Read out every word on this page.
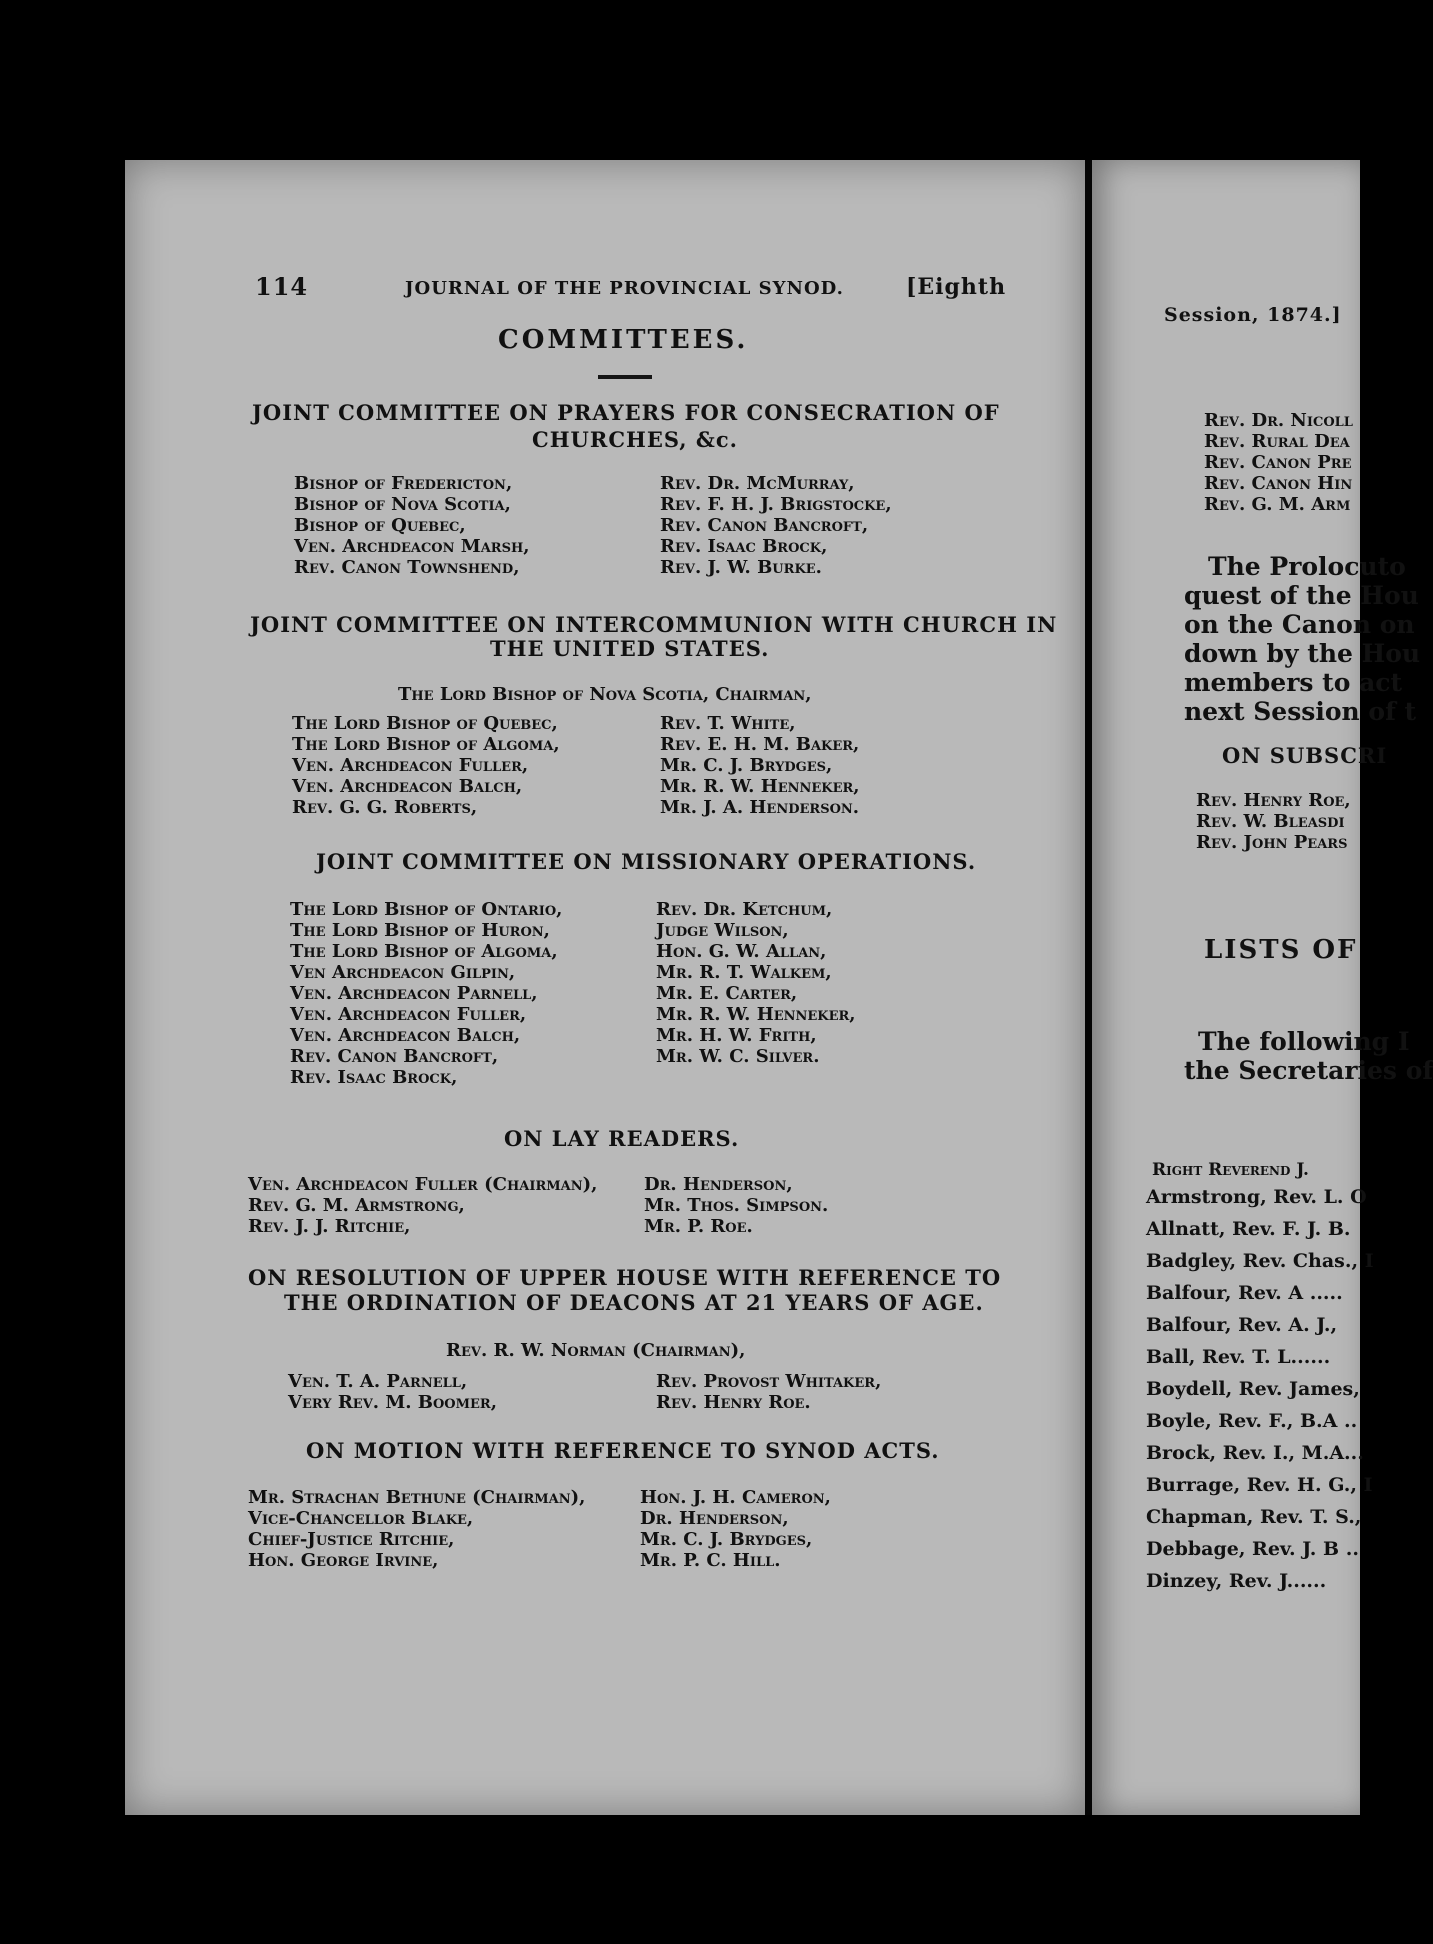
114	JOURNAL OF THE PROVINCIAL SYNOD.	[Eighth
COMMITTEES.
JOINT COMMITTEE ON PRAYERS FOR CONSECRATION OF
CHURCHES, &c.
Bishop of Fredericton,
Bishop of Nova Scotia,
Bishop of Quebec,
Ven. Archdeacon Marsh,
Rev. Canon Townshend,
Rev. Dr. McMurray,
Rev. F. H. J. Brigstocke,
Rev. Canon Bancroft,
Rev. Isaac Brock,
Rev. J. W. Burke.
JOINT COMMITTEE ON INTERCOMMUNION WITH CHURCH IN
THE UNITED STATES.
The Lord Bishop of Nova Scotia, Chairman,
The Lord Bishop of Quebec,
The Lord Bishop of Algoma,
Ven. Archdeacon Fuller,
Ven. Archdeacon Balch,
Rev. G. G. Roberts,
Rev. T. White,
Rev. E. H. M. Baker,
Mr. C. J. Brydges,
Mr. R. W. Henneker,
Mr. J. A. Henderson.
JOINT COMMITTEE ON MISSIONARY OPERATIONS.
The Lord Bishop of Ontario,
The Lord Bishop of Huron,
The Lord Bishop of Algoma,
Ven Archdeacon Gilpin,
Ven. Archdeacon Parnell,
Ven. Archdeacon Fuller,
Ven. Archdeacon Balch,
Rev. Canon Bancroft,
Rev. Isaac Brock,
Rev. Dr. Ketchum,
Judge Wilson,
Hon. G. W. Allan,
Mr. R. T. Walkem,
Mr. E. Carter,
Mr. R. W. Henneker,
Mr. H. W. Frith,
Mr. W. C. Silver.
ON LAY READERS.
Ven. Archdeacon Fuller (Chairman),
Rev. G. M. Armstrong,
Rev. J. J. Ritchie,
Dr. Henderson,
Mr. Thos. Simpson.
Mr. P. Roe.
ON RESOLUTION OF UPPER HOUSE WITH REFERENCE TO
THE ORDINATION OF DEACONS AT 21 YEARS OF AGE.
Rev. R. W. Norman (Chairman),
Ven. T. A. Parnell,
Very Rev. M. Boomer,
Rev. Provost Whitaker,
Rev. Henry Roe.
ON MOTION WITH REFERENCE TO SYNOD ACTS.
Mr. Strachan Bethune (Chairman),
Vice-Chancellor Blake,
Chief-Justice Ritchie,
Hon. George Irvine,
Hon. J. H. Cameron,
Dr. Henderson,
Mr. C. J. Brydges,
Mr. P. C. Hill.
Session, 1874.]
Rev. Dr. Nicoll
Rev. Rural Dea
Rev. Canon Pre
Rev. Canon Hin
Rev. G. M. Arm
The Prolocuto
quest of the Hou
on the Canon on
down by the Hou
members to act
next Session of t
ON SUBSCRI
Rev. Henry Roe,
Rev. W. Bleasdi
Rev. John Pears
LISTS OF
The following I
the Secretaries of
Right Reverend J.
Armstrong, Rev. L. O
Allnatt, Rev. F. J. B.
Badgley, Rev. Chas., I
Balfour, Rev. A .....
Balfour, Rev. A. J.,
Ball, Rev. T. L......
Boydell, Rev. James,
Boyle, Rev. F., B.A ..
Brock, Rev. I., M.A...
Burrage, Rev. H. G., I
Chapman, Rev. T. S.,
Debbage, Rev. J. B ..
Dinzey, Rev. J......
